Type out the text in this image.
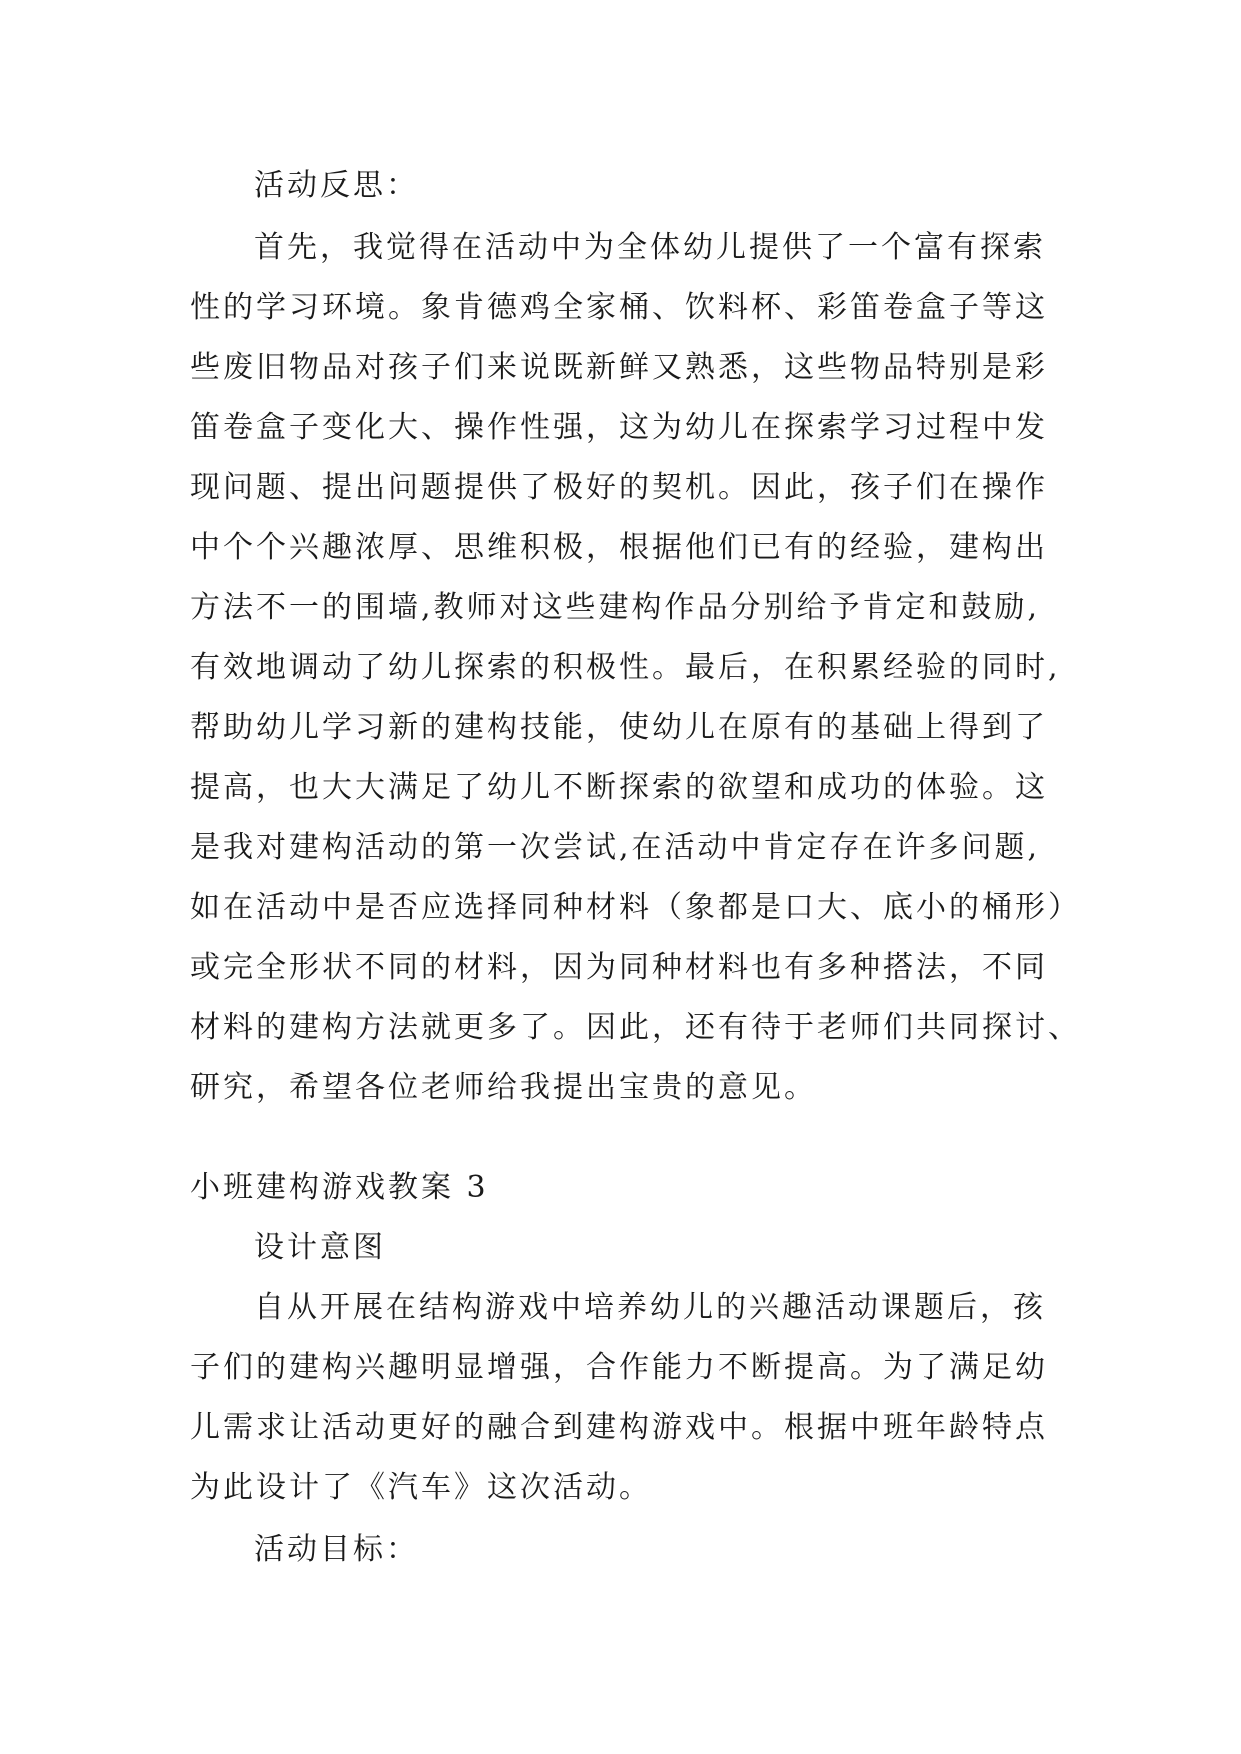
活动反思：
首先，我觉得在活动中为全体幼儿提供了一个富有探索
性的学习环境。象肯德鸡全家桶、饮料杯、彩笛卷盒子等这
些废旧物品对孩子们来说既新鲜又熟悉，这些物品特别是彩
笛卷盒子变化大、操作性强，这为幼儿在探索学习过程中发
现问题、提出问题提供了极好的契机。因此，孩子们在操作
中个个兴趣浓厚、思维积极，根据他们已有的经验，建构出
方法不一的围墙,教师对这些建构作品分别给予肯定和鼓励,
有效地调动了幼儿探索的积极性。最后，在积累经验的同时,
帮助幼儿学习新的建构技能，使幼儿在原有的基础上得到了
提高，也大大满足了幼儿不断探索的欲望和成功的体验。这
是我对建构活动的第一次尝试,在活动中肯定存在许多问题,
如在活动中是否应选择同种材料（象都是口大、底小的桶形）
或完全形状不同的材料，因为同种材料也有多种搭法，不同
材料的建构方法就更多了。因此，还有待于老师们共同探讨、
研究，希望各位老师给我提出宝贵的意见。
小班建构游戏教案 3
设计意图
自从开展在结构游戏中培养幼儿的兴趣活动课题后，孩
子们的建构兴趣明显增强，合作能力不断提高。为了满足幼
儿需求让活动更好的融合到建构游戏中。根据中班年龄特点
为此设计了《汽车》这次活动。
活动目标：
